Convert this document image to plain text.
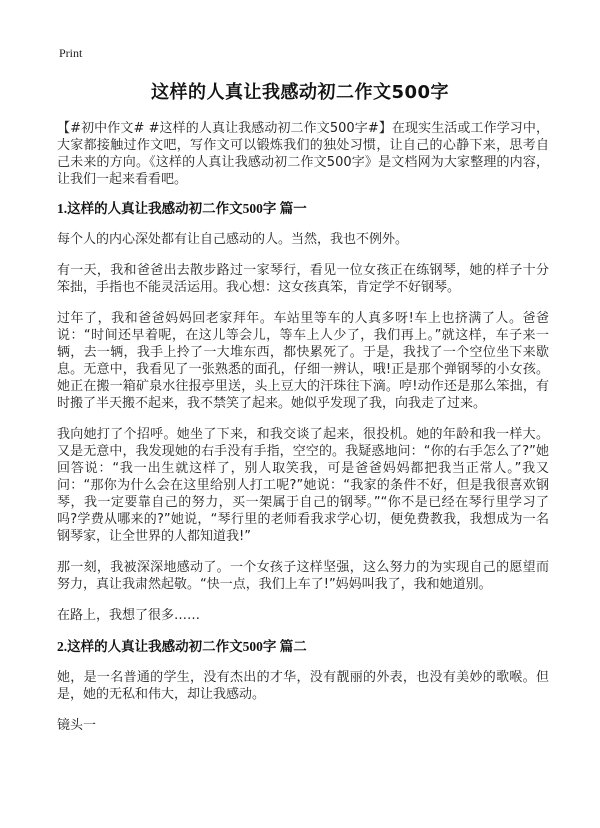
Print
这样的人真让我感动初二作文500字

【#初中作文# #这样的人真让我感动初二作文500字#】在现实生活或工作学习中，大家都接触过作文吧，写作文可以锻炼我们的独处习惯，让自己的心静下来，思考自己未来的方向。《这样的人真让我感动初二作文500字》是文档网为大家整理的内容，让我们一起来看看吧。

1.这样的人真让我感动初二作文500字 篇一

每个人的内心深处都有让自己感动的人。当然，我也不例外。

有一天，我和爸爸出去散步路过一家琴行，看见一位女孩正在练钢琴，她的样子十分笨拙，手指也不能灵活运用。我心想：这女孩真笨，肯定学不好钢琴。

过年了，我和爸爸妈妈回老家拜年。车站里等车的人真多呀!车上也挤满了人。爸爸说：“时间还早着呢，在这儿等会儿，等车上人少了，我们再上。”就这样，车子来一辆，去一辆，我手上拎了一大堆东西，都快累死了。于是，我找了一个空位坐下来歇息。无意中，我看见了一张熟悉的面孔，仔细一辨认，哦!正是那个弹钢琴的小女孩。她正在搬一箱矿泉水往报亭里送，头上豆大的汗珠往下滴。哼!动作还是那么笨拙，有时搬了半天搬不起来，我不禁笑了起来。她似乎发现了我，向我走了过来。

我向她打了个招呼。她坐了下来，和我交谈了起来，很投机。她的年龄和我一样大。又是无意中，我发现她的右手没有手指，空空的。我疑惑地问：“你的右手怎么了?”她回答说：“我一出生就这样了，别人取笑我，可是爸爸妈妈都把我当正常人。”我又问：“那你为什么会在这里给别人打工呢?”她说：“我家的条件不好，但是我很喜欢钢琴，我一定要靠自己的努力，买一架属于自己的钢琴。”“你不是已经在琴行里学习了吗?学费从哪来的?”她说，“琴行里的老师看我求学心切，便免费教我，我想成为一名钢琴家，让全世界的人都知道我!”

那一刻，我被深深地感动了。一个女孩子这样坚强，这么努力的为实现自己的愿望而努力，真让我肃然起敬。“快一点，我们上车了!”妈妈叫我了，我和她道别。

在路上，我想了很多……

2.这样的人真让我感动初二作文500字 篇二

她，是一名普通的学生，没有杰出的才华，没有靓丽的外表，也没有美妙的歌喉。但是，她的无私和伟大，却让我感动。

镜头一
